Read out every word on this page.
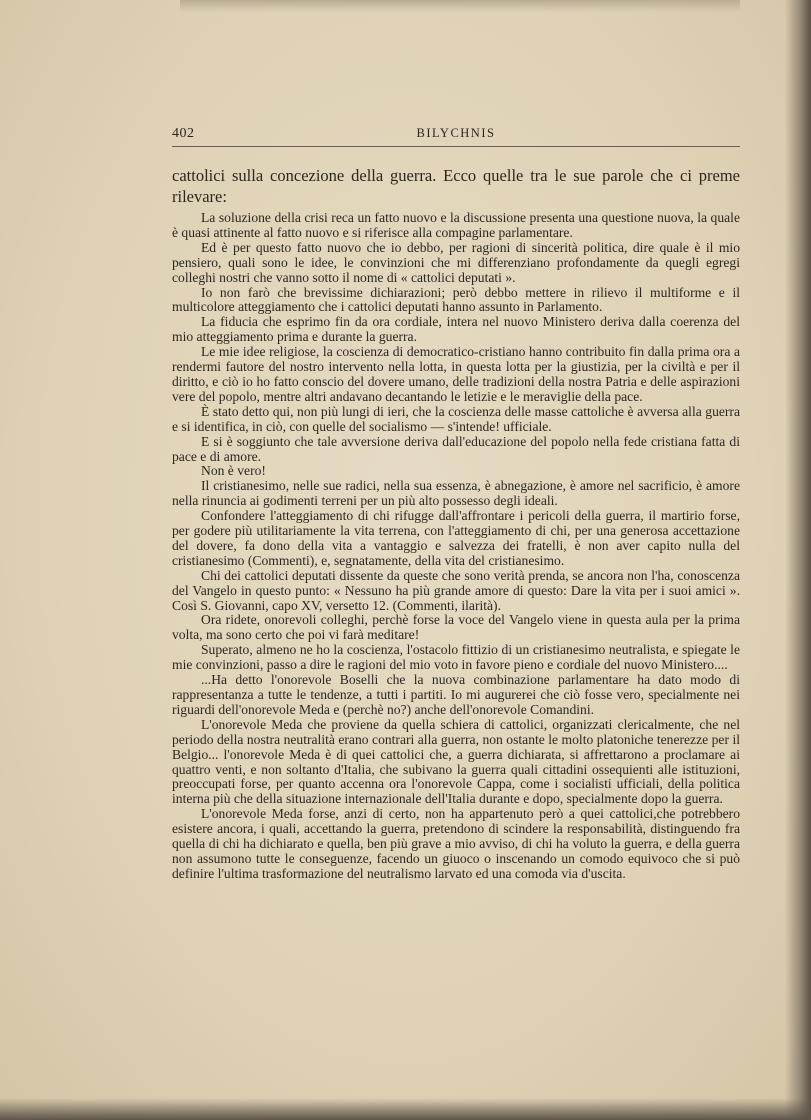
402	BILYCHNIS
cattolici sulla concezione della guerra. Ecco quelle tra le sue parole che ci preme rilevare:

La soluzione della crisi reca un fatto nuovo e la discussione presenta una questione nuova, la quale è quasi attinente al fatto nuovo e si riferisce alla compagine parlamentare.

Ed è per questo fatto nuovo che io debbo, per ragioni di sincerità politica, dire quale è il mio pensiero, quali sono le idee, le convinzioni che mi differenziano profondamente da quegli egregi colleghi nostri che vanno sotto il nome di « cattolici deputati ».

Io non farò che brevissime dichiarazioni; però debbo mettere in rilievo il multiforme e il multicolore atteggiamento che i cattolici deputati hanno assunto in Parlamento.

La fiducia che esprimo fin da ora cordiale, intera nel nuovo Ministero deriva dalla coerenza del mio atteggiamento prima e durante la guerra.

Le mie idee religiose, la coscienza di democratico-cristiano hanno contribuito fin dalla prima ora a rendermi fautore del nostro intervento nella lotta, in questa lotta per la giustizia, per la civiltà e per il diritto, e ciò io ho fatto conscio del dovere umano, delle tradizioni della nostra Patria e delle aspirazioni vere del popolo, mentre altri andavano decantando le letizie e le meraviglie della pace.

È stato detto qui, non più lungi di ieri, che la coscienza delle masse cattoliche è avversa alla guerra e si identifica, in ciò, con quelle del socialismo — s'intende! ufficiale.

E si è soggiunto che tale avversione deriva dall'educazione del popolo nella fede cristiana fatta di pace e di amore.

Non è vero!

Il cristianesimo, nelle sue radici, nella sua essenza, è abnegazione, è amore nel sacrificio, è amore nella rinuncia ai godimenti terreni per un più alto possesso degli ideali.

Confondere l'atteggiamento di chi rifugge dall'affrontare i pericoli della guerra, il martirio forse, per godere più utilitariamente la vita terrena, con l'atteggiamento di chi, per una generosa accettazione del dovere, fa dono della vita a vantaggio e salvezza dei fratelli, è non aver capito nulla del cristianesimo (Commenti), e, segnatamente, della vita del cristianesimo.

Chi dei cattolici deputati dissente da queste che sono verità prenda, se ancora non l'ha, conoscenza del Vangelo in questo punto: « Nessuno ha più grande amore di questo: Dare la vita per i suoi amici ». Così S. Giovanni, capo XV, versetto 12. (Commenti, ilarità).

Ora ridete, onorevoli colleghi, perchè forse la voce del Vangelo viene in questa aula per la prima volta, ma sono certo che poi vi farà meditare!

Superato, almeno ne ho la coscienza, l'ostacolo fittizio di un cristianesimo neutralista, e spiegate le mie convinzioni, passo a dire le ragioni del mio voto in favore pieno e cordiale del nuovo Ministero....

...Ha detto l'onorevole Boselli che la nuova combinazione parlamentare ha dato modo di rappresentanza a tutte le tendenze, a tutti i partiti. Io mi augurerei che ciò fosse vero, specialmente nei riguardi dell'onorevole Meda e (perchè no?) anche dell'onorevole Comandini.

L'onorevole Meda che proviene da quella schiera di cattolici, organizzati clericalmente, che nel periodo della nostra neutralità erano contrari alla guerra, non ostante le molto platoniche tenerezze per il Belgio... l'onorevole Meda è di quei cattolici che, a guerra dichiarata, si affrettarono a proclamare ai quattro venti, e non soltanto d'Italia, che subivano la guerra quali cittadini ossequienti alle istituzioni, preoccupati forse, per quanto accenna ora l'onorevole Cappa, come i socialisti ufficiali, della politica interna più che della situazione internazionale dell'Italia durante e dopo, specialmente dopo la guerra.

L'onorevole Meda forse, anzi di certo, non ha appartenuto però a quei cattolici,che potrebbero esistere ancora, i quali, accettando la guerra, pretendono di scindere la responsabilità, distinguendo fra quella di chi ha dichiarato e quella, ben più grave a mio avviso, di chi ha voluto la guerra, e della guerra non assumono tutte le conseguenze, facendo un giuoco o inscenando un comodo equivoco che si può definire l'ultima trasformazione del neutralismo larvato ed una comoda via d'uscita.
